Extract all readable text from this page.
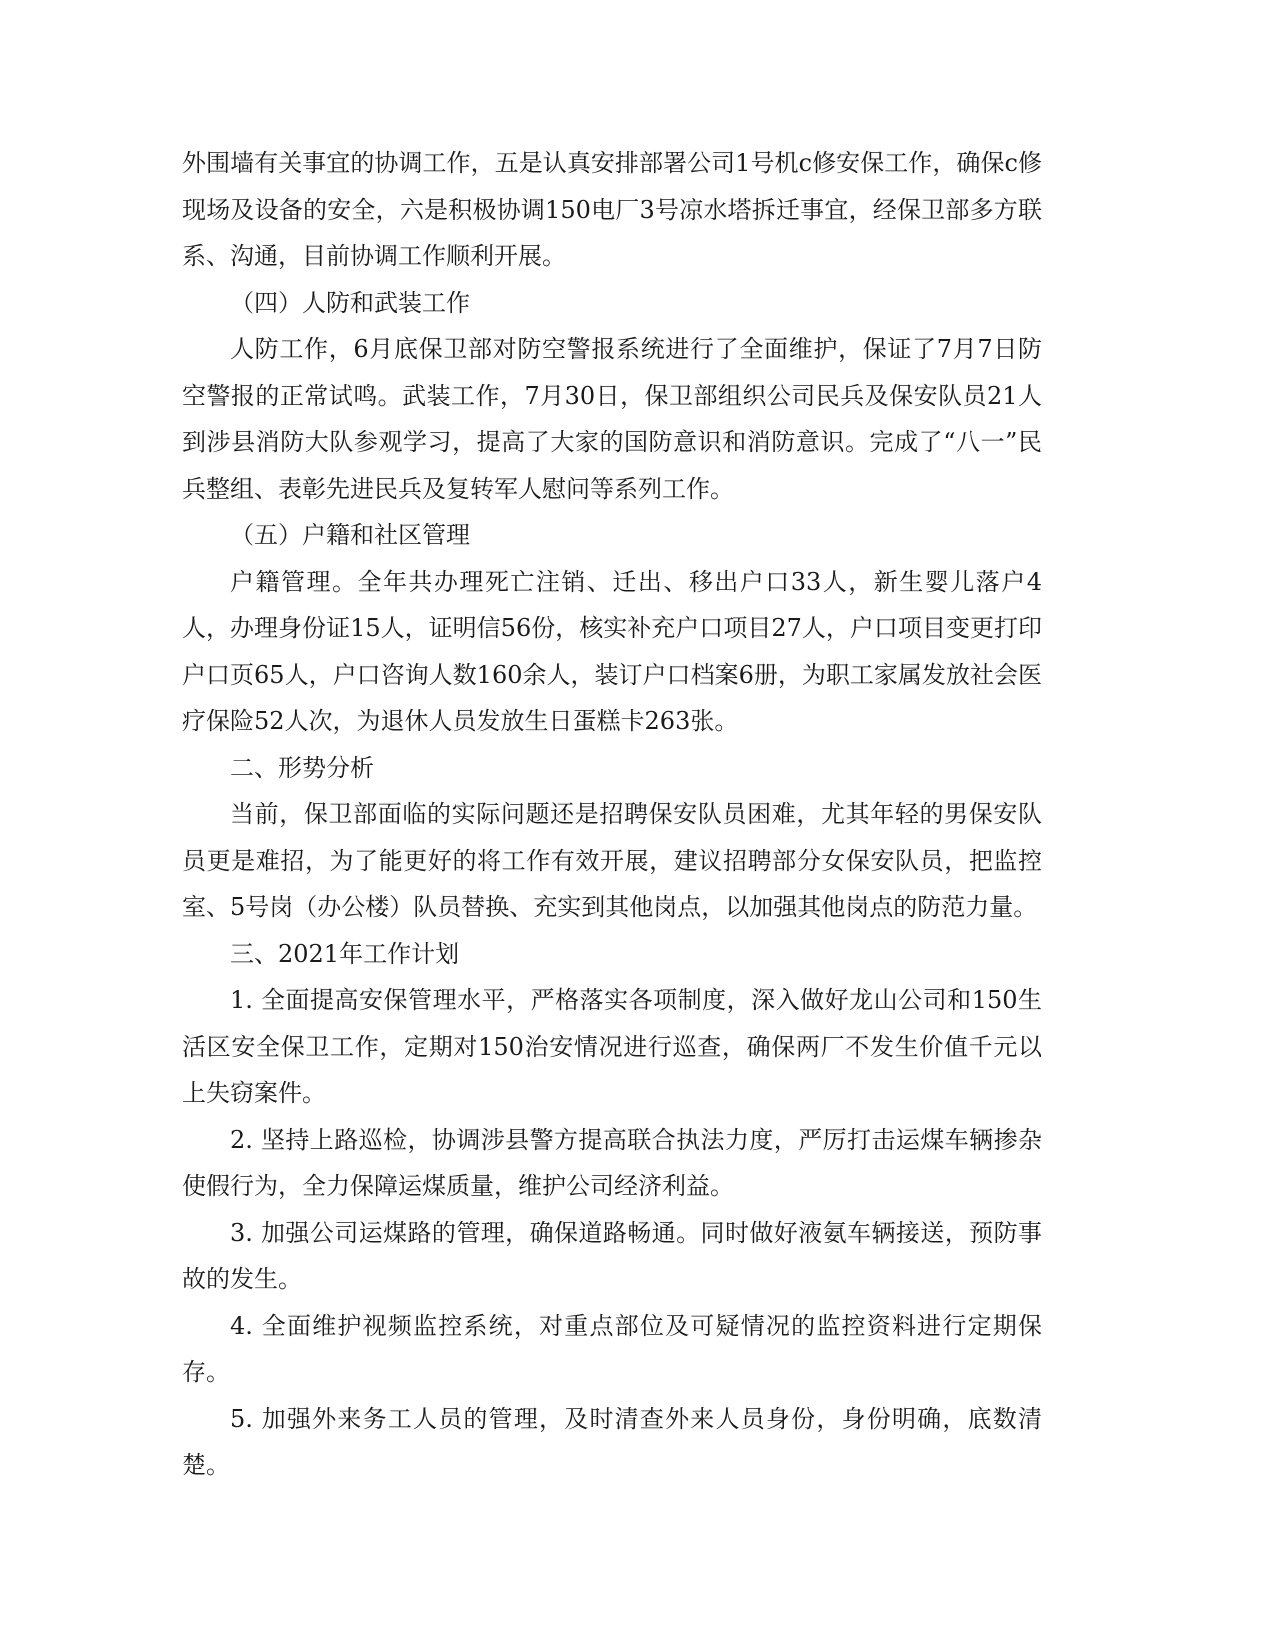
外围墙有关事宜的协调工作，五是认真安排部署公司1号机c修安保工作，确保c修现场及设备的安全，六是积极协调150电厂3号凉水塔拆迁事宜，经保卫部多方联系、沟通，目前协调工作顺利开展。

（四）人防和武装工作

人防工作，6月底保卫部对防空警报系统进行了全面维护，保证了7月7日防空警报的正常试鸣。武装工作，7月30日，保卫部组织公司民兵及保安队员21人到涉县消防大队参观学习，提高了大家的国防意识和消防意识。完成了“八一”民兵整组、表彰先进民兵及复转军人慰问等系列工作。

（五）户籍和社区管理

户籍管理。全年共办理死亡注销、迁出、移出户口33人，新生婴儿落户4人，办理身份证15人，证明信56份，核实补充户口项目27人，户口项目变更打印户口页65人，户口咨询人数160余人，装订户口档案6册，为职工家属发放社会医疗保险52人次，为退休人员发放生日蛋糕卡263张。

二、形势分析

当前，保卫部面临的实际问题还是招聘保安队员困难，尤其年轻的男保安队员更是难招，为了能更好的将工作有效开展，建议招聘部分女保安队员，把监控室、5号岗（办公楼）队员替换、充实到其他岗点，以加强其他岗点的防范力量。

三、2021年工作计划

1. 全面提高安保管理水平，严格落实各项制度，深入做好龙山公司和150生活区安全保卫工作，定期对150治安情况进行巡查，确保两厂不发生价值千元以上失窃案件。

2. 坚持上路巡检，协调涉县警方提高联合执法力度，严厉打击运煤车辆掺杂使假行为，全力保障运煤质量，维护公司经济利益。

3. 加强公司运煤路的管理，确保道路畅通。同时做好液氨车辆接送，预防事故的发生。

4. 全面维护视频监控系统，对重点部位及可疑情况的监控资料进行定期保存。

5. 加强外来务工人员的管理，及时清查外来人员身份，身份明确，底数清楚。
